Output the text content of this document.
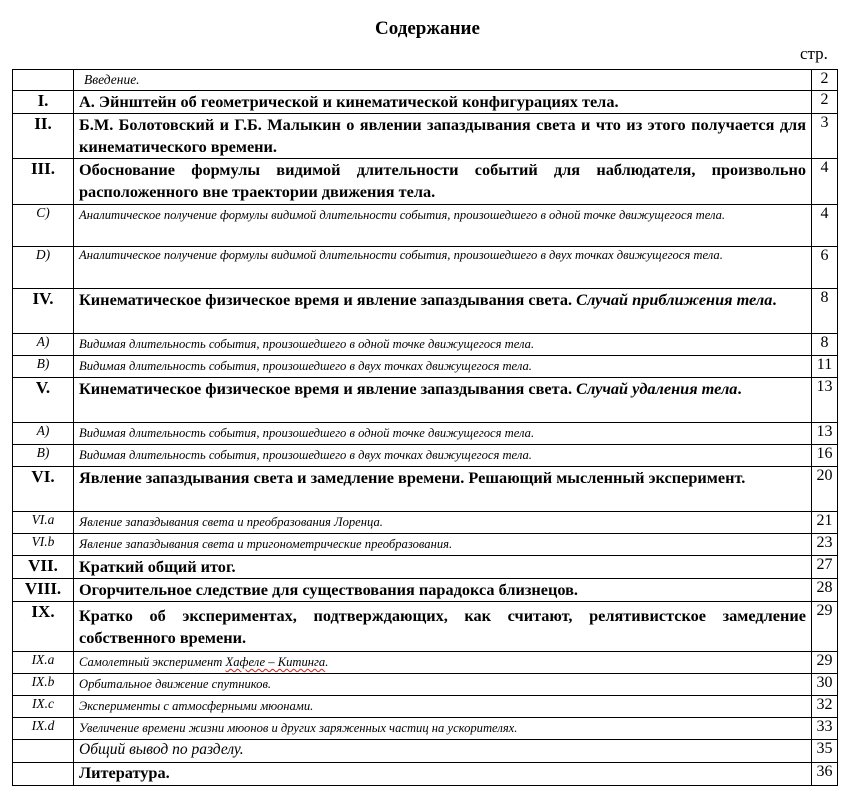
Содержание
стр.
	Введение.	2
I.	А. Эйнштейн об геометрической и кинематической конфигурациях тела.	2
II.	Б.М. Болотовский и Г.Б. Малыкин о явлении запаздывания света и что из этого получается для кинематического времени.	3
III.	Обоснование формулы видимой длительности событий для наблюдателя, произвольно расположенного вне траектории движения тела.	4
C)	Аналитическое получение формулы видимой длительности события, произошедшего в одной точке движущегося тела.	4
D)	Аналитическое получение формулы видимой длительности события, произошедшего в двух точках движущегося тела.	6
IV.	Кинематическое физическое время и явление запаздывания света. Случай приближения тела.	8
A)	Видимая длительность события, произошедшего в одной точке движущегося тела.	8
B)	Видимая длительность события, произошедшего в двух точках движущегося тела.	11
V.	Кинематическое физическое время и явление запаздывания света. Случай удаления тела.	13
A)	Видимая длительность события, произошедшего в одной точке движущегося тела.	13
B)	Видимая длительность события, произошедшего в двух точках движущегося тела.	16
VI.	Явление запаздывания света и замедление времени. Решающий мысленный эксперимент.	20
VI.a	Явление запаздывания света и преобразования Лоренца.	21
VI.b	Явление запаздывания света и тригонометрические преобразования.	23
VII.	Краткий общий итог.	27
VIII.	Огорчительное следствие для существования парадокса близнецов.	28
IX.	Кратко об экспериментах, подтверждающих, как считают, релятивистское замедление собственного времени.	29
IX.a	Самолетный эксперимент Хафеле – Китинга.	29
IX.b	Орбитальное движение спутников.	30
IX.c	Эксперименты с атмосферными мюонами.	32
IX.d	Увеличение времени жизни мюонов и других заряженных частиц на ускорителях.	33
	Общий вывод по разделу.	35
	Литература.	36
